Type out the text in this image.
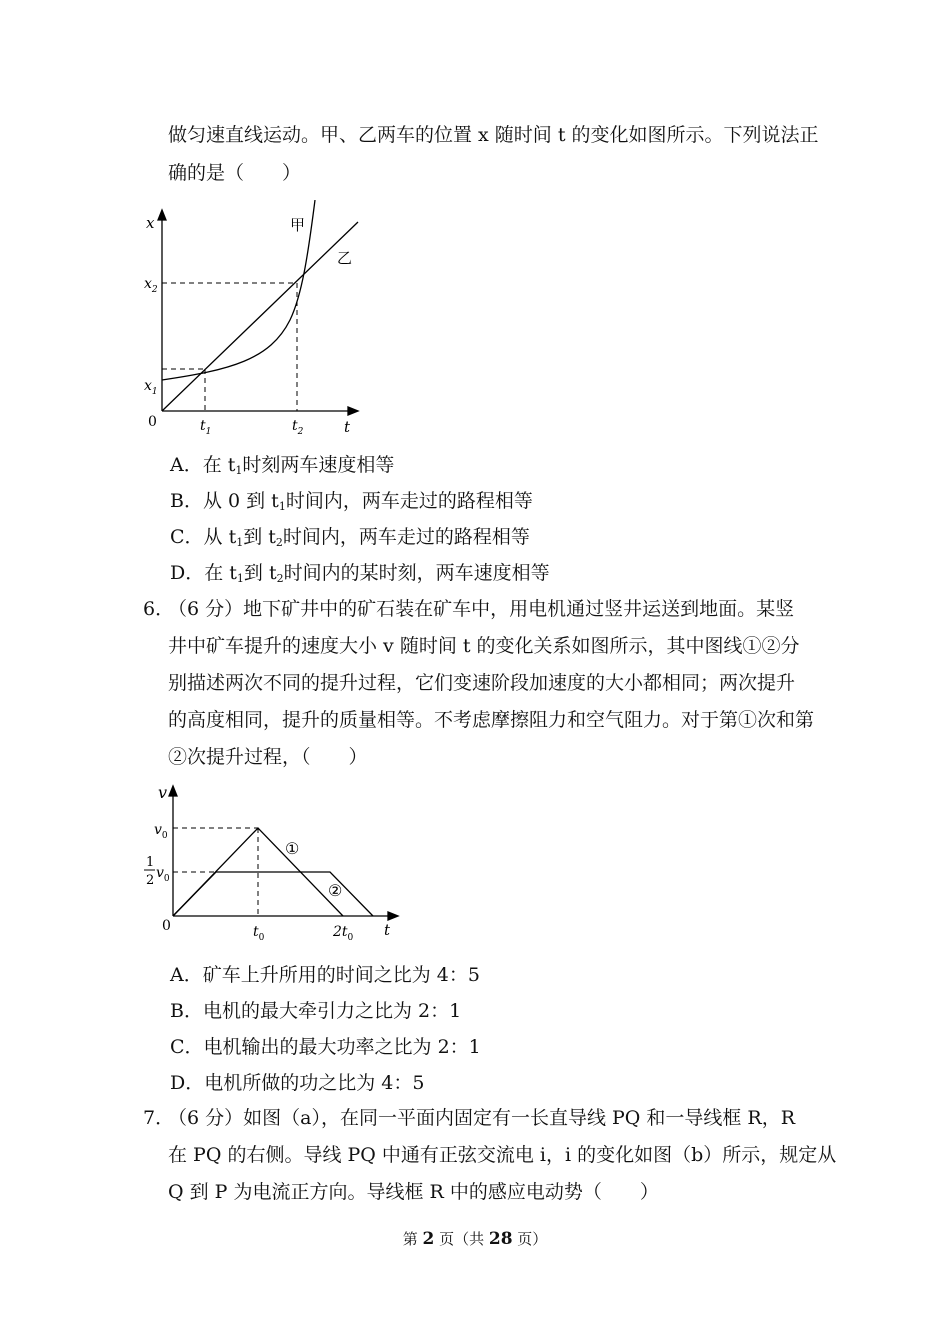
做匀速直线运动。甲、乙两车的位置 x 随时间 t 的变化如图所示。下列说法正
确的是（　　）
x
t
0
甲
乙
$x_2$
$x_1$
$t_1$	$t_2$
A．在 $t_1$时刻两车速度相等
B．从 0 到 $t_1$时间内，两车走过的路程相等
C．从 $t_1$到 $t_2$时间内，两车走过的路程相等
D．在 $t_1$到 $t_2$时间内的某时刻，两车速度相等
6．
（6 分）地下矿井中的矿石装在矿车中，用电机通过竖井运送到地面。某竖
井中矿车提升的速度大小 v 随时间 t 的变化关系如图所示，其中图线①②分
别描述两次不同的提升过程，它们变速阶段加速度的大小都相同；两次提升
的高度相同，提升的质量相等。不考虑摩擦阻力和空气阻力。对于第①次和第
②次提升过程，（　　）
v
t
0
$v_0$
1
2 $v_0$
$t_0$	$2t_0$
①
②
A．矿车上升所用的时间之比为 4：5
B．电机的最大牵引力之比为 2：1
C．电机输出的最大功率之比为 2：1
D．电机所做的功之比为 4：5
7．
（6 分）如图（a），在同一平面内固定有一长直导线 PQ 和一导线框 R，R
在 PQ 的右侧。导线 PQ 中通有正弦交流电 i，i 的变化如图（b）所示，规定从
Q 到 P 为电流正方向。导线框 R 中的感应电动势（　　）
第 2 页（共 28 页）
